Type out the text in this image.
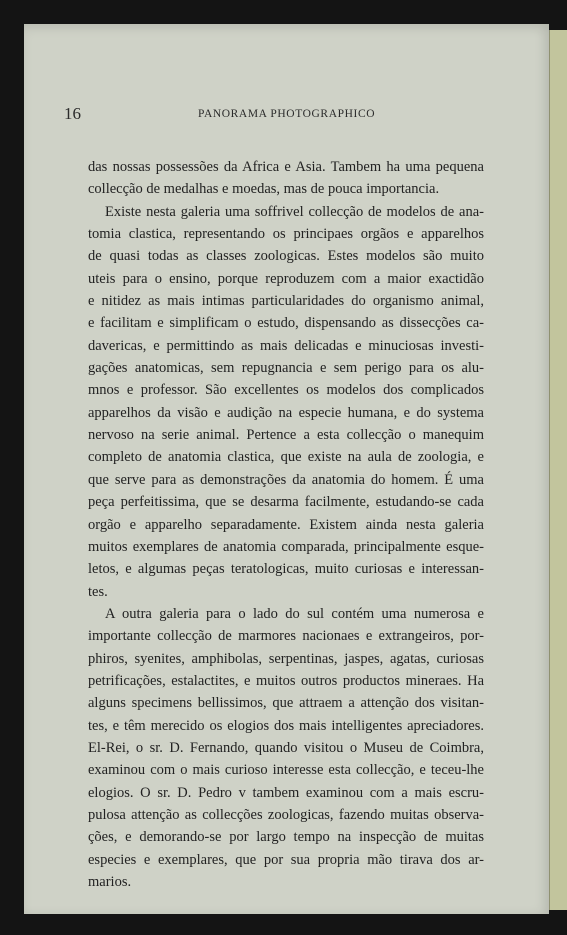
16	PANORAMA PHOTOGRAPHICO
das nossas possessões da Africa e Asia. Tambem ha uma pequena
collecção de medalhas e moedas, mas de pouca importancia.
Existe nesta galeria uma soffrivel collecção de modelos de ana-
tomia clastica, representando os principaes orgãos e apparelhos
de quasi todas as classes zoologicas. Estes modelos são muito
uteis para o ensino, porque reproduzem com a maior exactidão
e nitidez as mais intimas particularidades do organismo animal,
e facilitam e simplificam o estudo, dispensando as dissecções ca-
davericas, e permittindo as mais delicadas e minuciosas investi-
gações anatomicas, sem repugnancia e sem perigo para os alu-
mnos e professor. São excellentes os modelos dos complicados
apparelhos da visão e audição na especie humana, e do systema
nervoso na serie animal. Pertence a esta collecção o manequim
completo de anatomia clastica, que existe na aula de zoologia, e
que serve para as demonstrações da anatomia do homem. É uma
peça perfeitissima, que se desarma facilmente, estudando-se cada
orgão e apparelho separadamente. Existem ainda nesta galeria
muitos exemplares de anatomia comparada, principalmente esque-
letos, e algumas peças teratologicas, muito curiosas e interessan-
tes.
A outra galeria para o lado do sul contém uma numerosa e
importante collecção de marmores nacionaes e extrangeiros, por-
phiros, syenites, amphibolas, serpentinas, jaspes, agatas, curiosas
petrificações, estalactites, e muitos outros productos mineraes. Ha
alguns specimens bellissimos, que attraem a attenção dos visitan-
tes, e têm merecido os elogios dos mais intelligentes apreciadores.
El-Rei, o sr. D. Fernando, quando visitou o Museu de Coimbra,
examinou com o mais curioso interesse esta collecção, e teceu-lhe
elogios. O sr. D. Pedro v tambem examinou com a mais escru-
pulosa attenção as collecções zoologicas, fazendo muitas observa-
ções, e demorando-se por largo tempo na inspecção de muitas
especies e exemplares, que por sua propria mão tirava dos ar-
marios.
